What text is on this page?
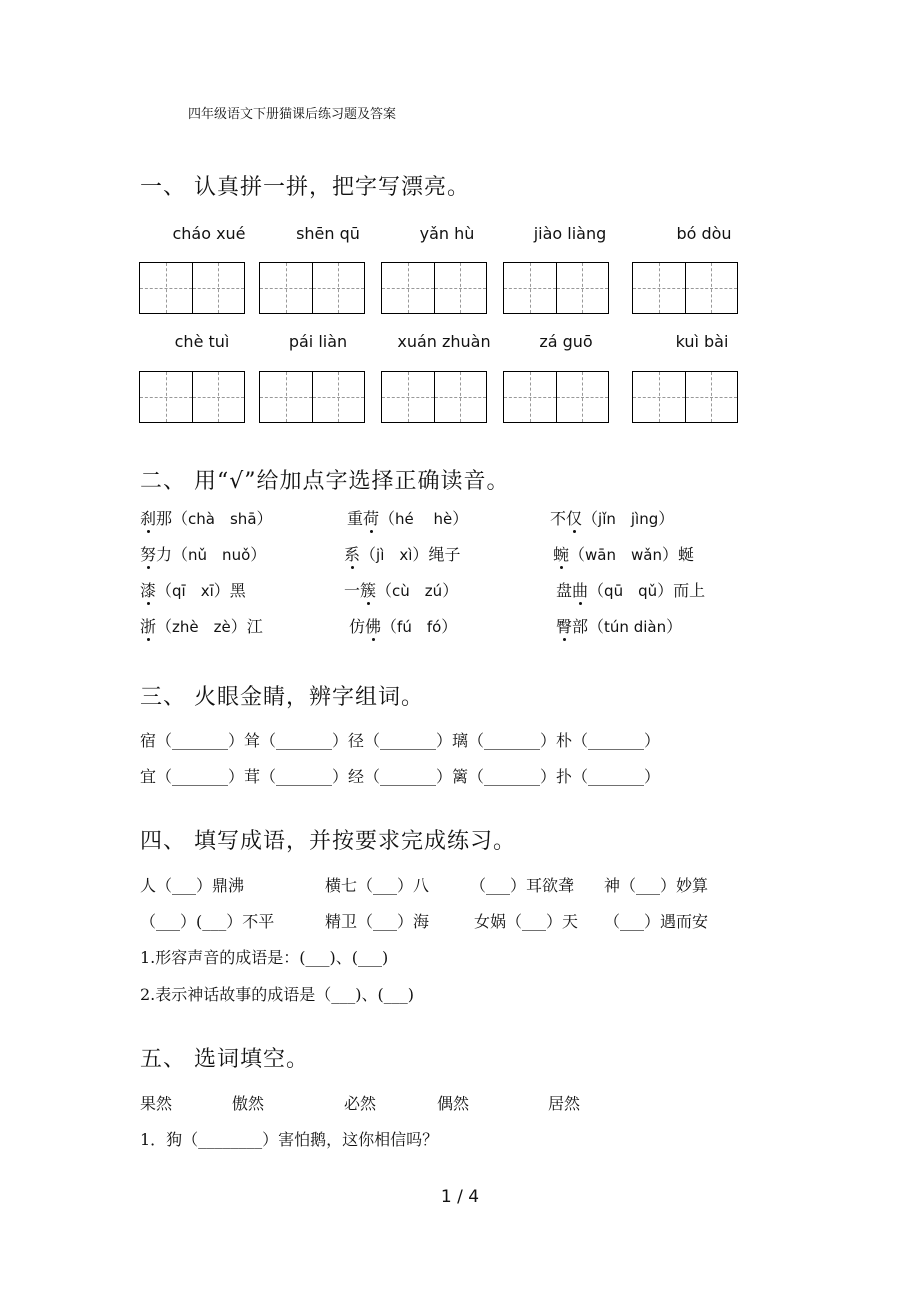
四年级语文下册猫课后练习题及答案
一、 认真拼一拼，把字写漂亮。
cháo xué	shēn qū	yǎn hù	jiào liàng	bó dòu
chè tuì	pái liàn	xuán zhuàn	zá guō	kuì bài
二、 用“√”给加点字选择正确读音。
刹那（chà　shā）	重荷（hé　 hè）	不仅（jǐn　jìng）
努力（nǔ　nuǒ）	系（jì　xì）绳子	蜿（wān　wǎn）蜒
漆（qī　xī）黑	一簇（cù　zú）	盘曲（qū　qǔ）而上
浙（zhè　zè）江	仿佛（fú　fó）	臀部（tún diàn）
三、 火眼金睛，辨字组词。
宿（_______）耸（_______）径（_______）璃（_______）朴（_______）
宜（_______）茸（_______）经（_______）篱（_______）扑（_______）
四、 填写成语，并按要求完成练习。
人（___）鼎沸	横七（___）八	（___）耳欲聋 神（___）妙算
（___）(___）不平	精卫（___）海	女娲（___）天 （___）遇而安
1.形容声音的成语是：(___)、(___)
2.表示神话故事的成语是（___)、(___)
五、 选词填空。
果然	傲然	必然	偶然	居然
1．狗（________）害怕鹅，这你相信吗？
1 / 4
